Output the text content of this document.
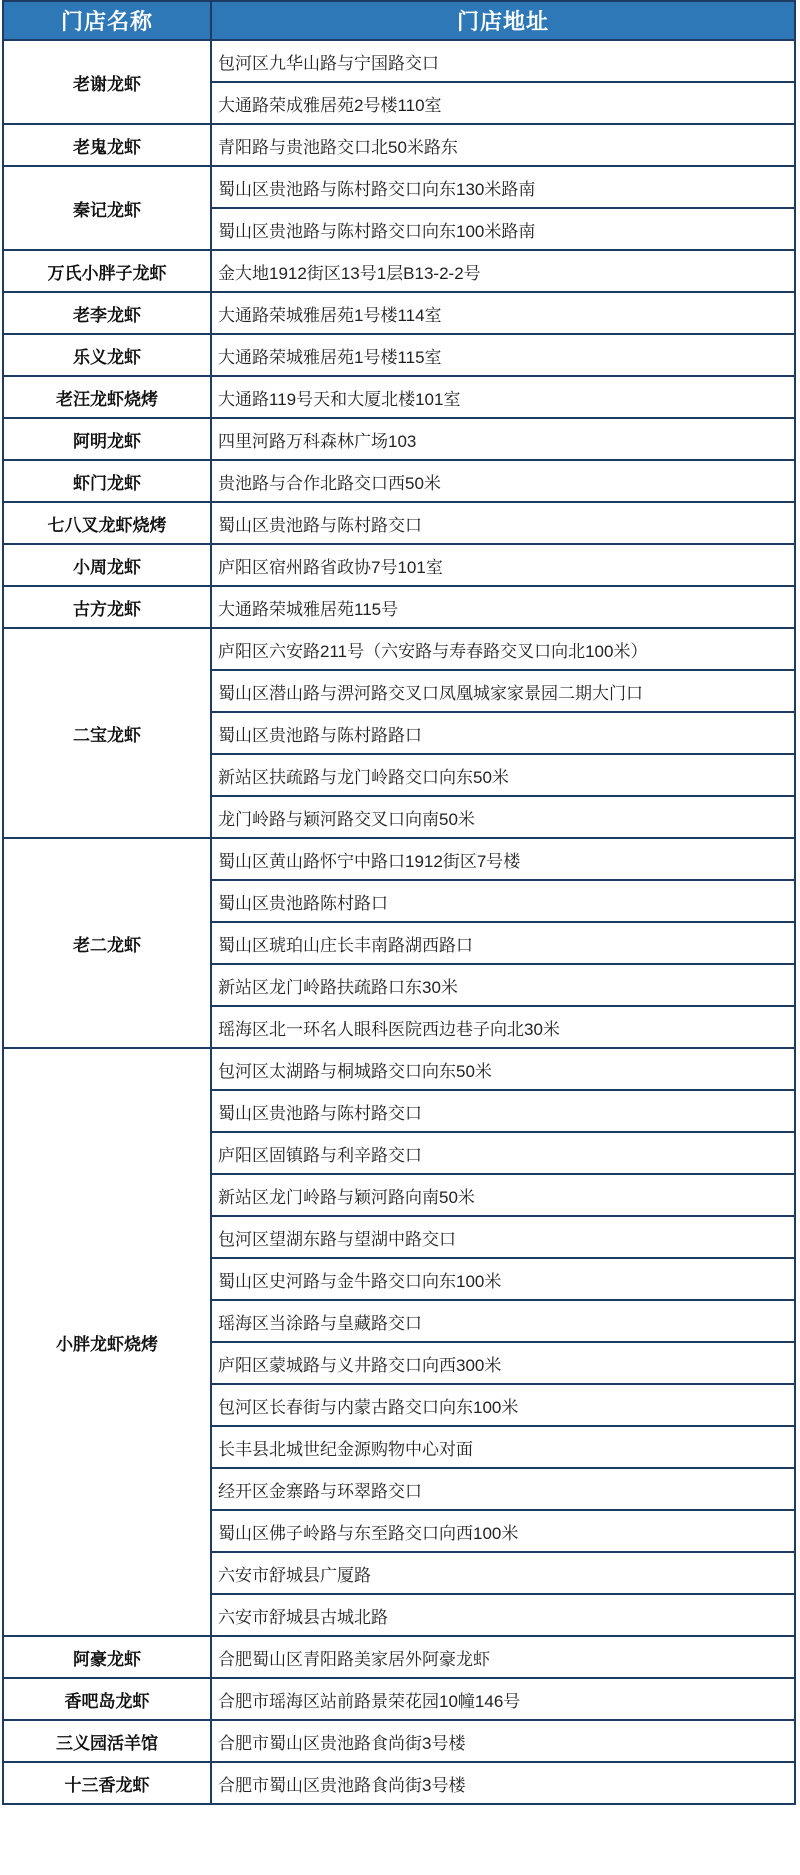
门店名称	门店地址
老谢龙虾	包河区九华山路与宁国路交口
	大通路荣成雅居苑2号楼110室
老鬼龙虾	青阳路与贵池路交口北50米路东
秦记龙虾	蜀山区贵池路与陈村路交口向东130米路南
	蜀山区贵池路与陈村路交口向东100米路南
万氏小胖子龙虾	金大地1912街区13号1层B13-2-2号
老李龙虾	大通路荣城雅居苑1号楼114室
乐义龙虾	大通路荣城雅居苑1号楼115室
老汪龙虾烧烤	大通路119号天和大厦北楼101室
阿明龙虾	四里河路万科森林广场103
虾门龙虾	贵池路与合作北路交口西50米
七八叉龙虾烧烤	蜀山区贵池路与陈村路交口
小周龙虾	庐阳区宿州路省政协7号101室
古方龙虾	大通路荣城雅居苑115号
二宝龙虾	庐阳区六安路211号（六安路与寿春路交叉口向北100米）
	蜀山区潜山路与淠河路交叉口凤凰城家家景园二期大门口
	蜀山区贵池路与陈村路路口
	新站区扶疏路与龙门岭路交口向东50米
	龙门岭路与颖河路交叉口向南50米
老二龙虾	蜀山区黄山路怀宁中路口1912街区7号楼
	蜀山区贵池路陈村路口
	蜀山区琥珀山庄长丰南路湖西路口
	新站区龙门岭路扶疏路口东30米
	瑶海区北一环名人眼科医院西边巷子向北30米
小胖龙虾烧烤	包河区太湖路与桐城路交口向东50米
	蜀山区贵池路与陈村路交口
	庐阳区固镇路与利辛路交口
	新站区龙门岭路与颖河路向南50米
	包河区望湖东路与望湖中路交口
	蜀山区史河路与金牛路交口向东100米
	瑶海区当涂路与皇藏路交口
	庐阳区蒙城路与义井路交口向西300米
	包河区长春街与内蒙古路交口向东100米
	长丰县北城世纪金源购物中心对面
	经开区金寨路与环翠路交口
	蜀山区佛子岭路与东至路交口向西100米
	六安市舒城县广厦路
	六安市舒城县古城北路
阿豪龙虾	合肥蜀山区青阳路美家居外阿豪龙虾
香吧岛龙虾	合肥市瑶海区站前路景荣花园10幢146号
三义园活羊馆	合肥市蜀山区贵池路食尚街3号楼
十三香龙虾	合肥市蜀山区贵池路食尚街3号楼
